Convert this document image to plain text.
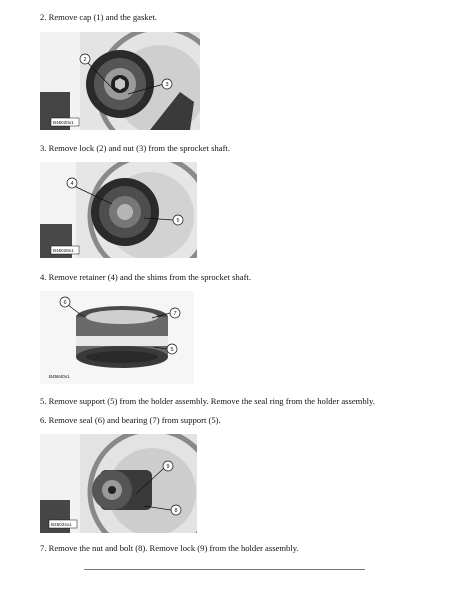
2. Remove cap (1) and the gasket.
2
3
B45020x1
3. Remove lock (2) and nut (3) from the sprocket shaft.
4
5
B45028x1
4. Remove retainer (4) and the shims from the sprocket shaft.
6
7
5
B45840x1
5. Remove support (5) from the holder assembly. Remove the seal ring from the holder assembly.
6. Remove seal (6) and bearing (7) from support (5).
9
8
B45024x1
7. Remove the nut and bolt (8). Remove lock (9) from the holder assembly.
